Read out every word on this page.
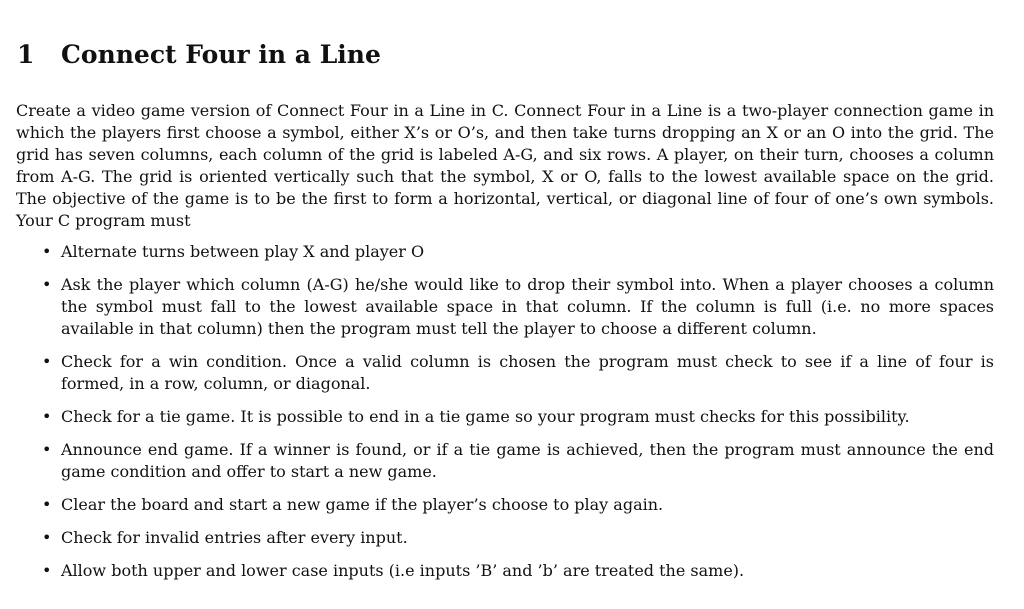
1 Connect Four in a Line

Create a video game version of Connect Four in a Line in C. Connect Four in a Line is a two-player connection game in which the players first choose a symbol, either X’s or O’s, and then take turns dropping an X or an O into the grid. The grid has seven columns, each column of the grid is labeled A-G, and six rows. A player, on their turn, chooses a column from A-G. The grid is oriented vertically such that the symbol, X or O, falls to the lowest available space on the grid. The objective of the game is to be the first to form a horizontal, vertical, or diagonal line of four of one’s own symbols. Your C program must

• Alternate turns between play X and player O
• Ask the player which column (A-G) he/she would like to drop their symbol into. When a player chooses a column the symbol must fall to the lowest available space in that column. If the column is full (i.e. no more spaces available in that column) then the program must tell the player to choose a different column.
• Check for a win condition. Once a valid column is chosen the program must check to see if a line of four is formed, in a row, column, or diagonal.
• Check for a tie game. It is possible to end in a tie game so your program must checks for this possibility.
• Announce end game. If a winner is found, or if a tie game is achieved, then the program must announce the end game condition and offer to start a new game.
• Clear the board and start a new game if the player’s choose to play again.
• Check for invalid entries after every input.
• Allow both upper and lower case inputs (i.e inputs ’B’ and ’b’ are treated the same).
